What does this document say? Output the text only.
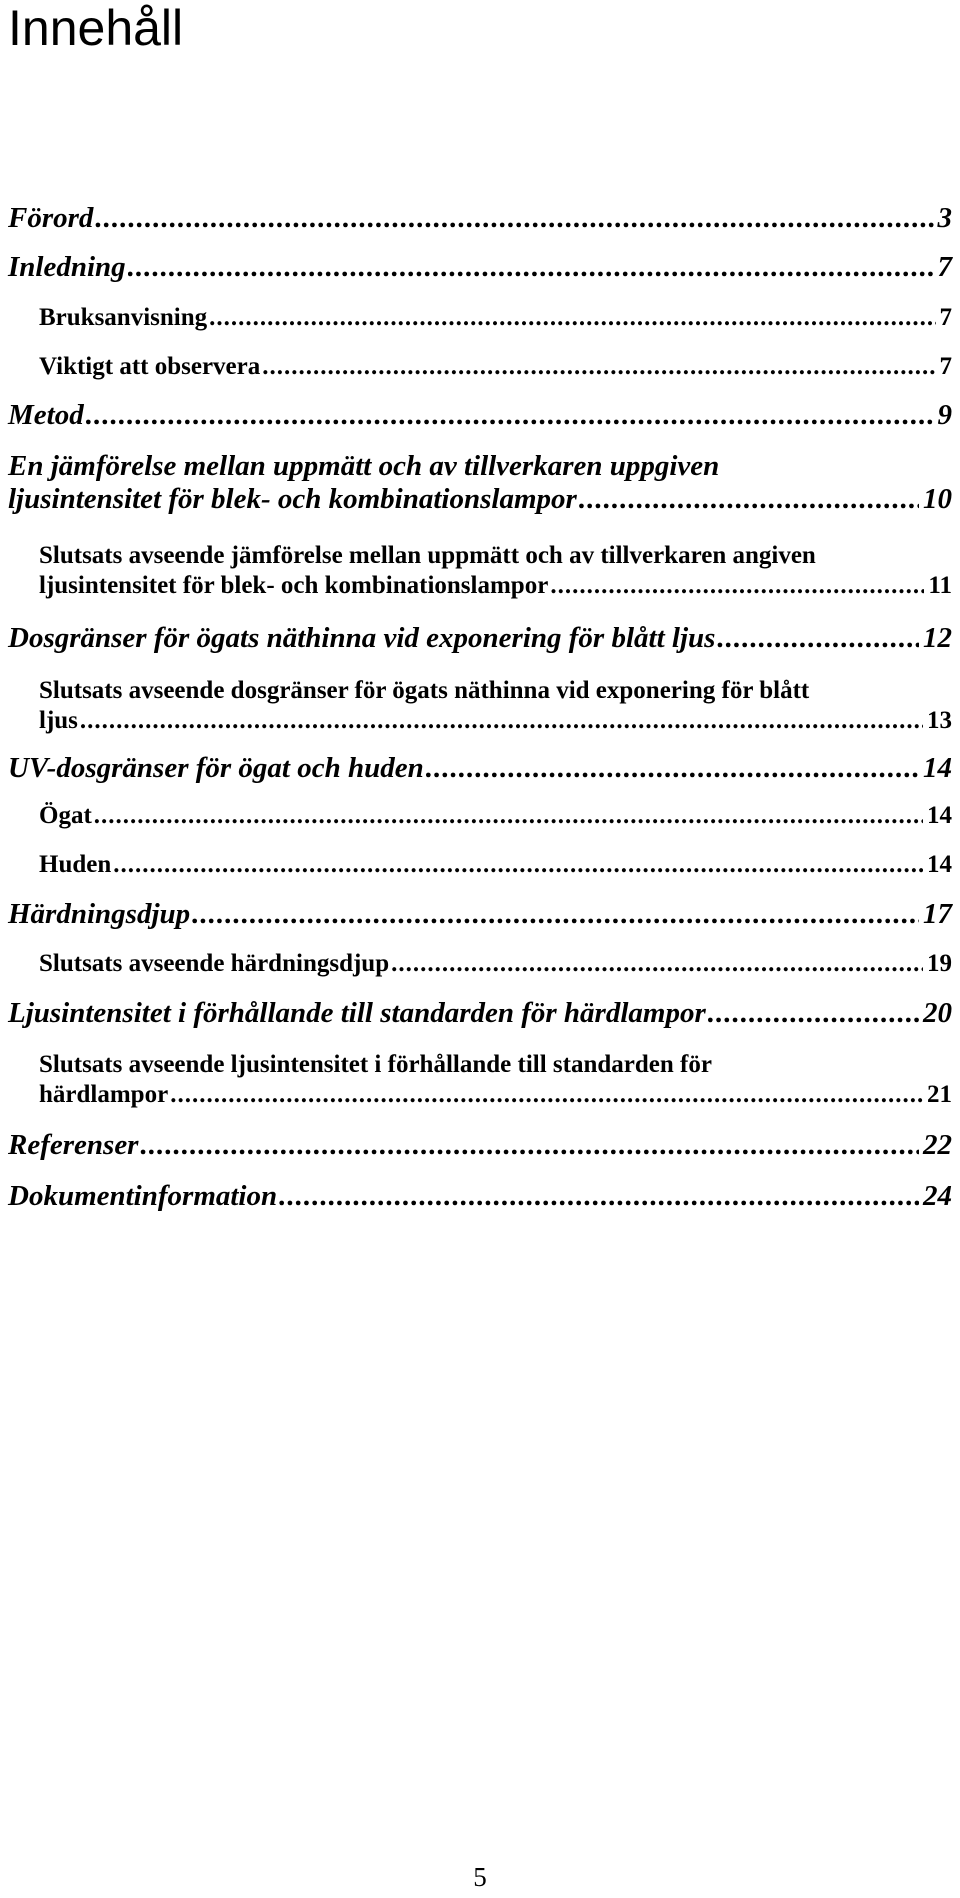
Innehåll
Förord .....	3
Inledning .....	7
Bruksanvisning .....	7
Viktigt att observera .....	7
Metod .....	9
En jämförelse mellan uppmätt och av tillverkaren uppgiven
ljusintensitet för blek- och kombinationslampor .....	10
Slutsats avseende jämförelse mellan uppmätt och av tillverkaren angiven
ljusintensitet för blek- och kombinationslampor .....	11
Dosgränser för ögats näthinna vid exponering för blått ljus .....	12
Slutsats avseende dosgränser för ögats näthinna vid exponering för blått
ljus .....	13
UV-dosgränser för ögat och huden .....	14
Ögat .....	14
Huden .....	14
Härdningsdjup .....	17
Slutsats avseende härdningsdjup .....	19
Ljusintensitet i förhållande till standarden för härdlampor .....	20
Slutsats avseende ljusintensitet i förhållande till standarden för
härdlampor .....	21
Referenser .....	22
Dokumentinformation .....	24
5
